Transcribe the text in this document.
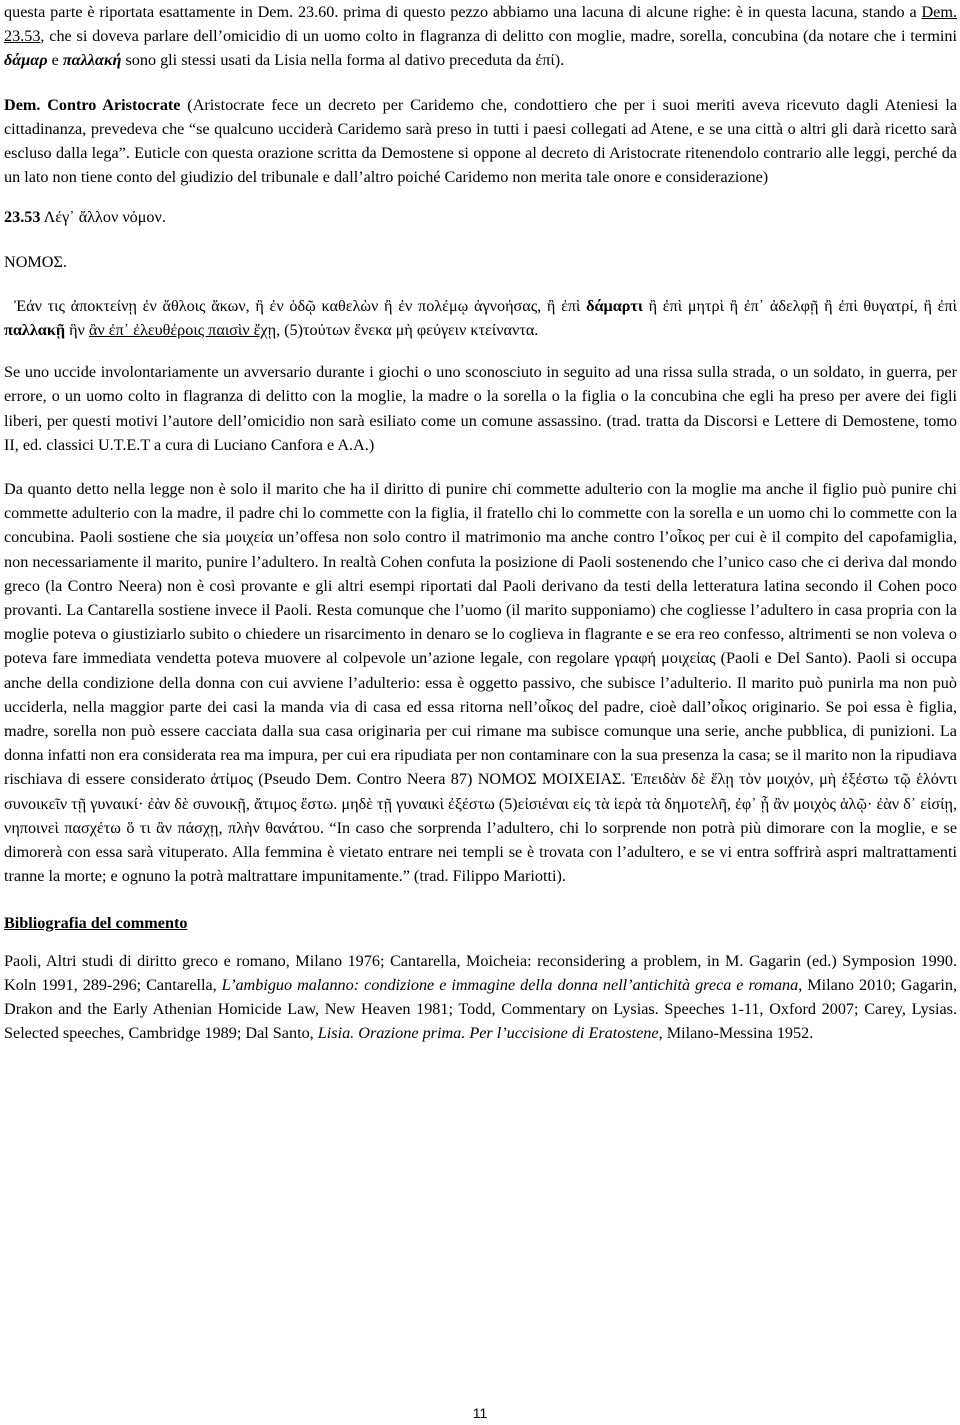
questa parte è riportata esattamente in Dem. 23.60. prima di questo pezzo abbiamo una lacuna di alcune righe: è in questa lacuna, stando a Dem. 23.53, che si doveva parlare dell’omicidio di un uomo colto in flagranza di delitto con moglie, madre, sorella, concubina (da notare che i termini δάμαρ e παλλακή sono gli stessi usati da Lisia nella forma al dativo preceduta da ἐπί).

Dem. Contro Aristocrate (Aristocrate fece un decreto per Caridemo che, condottiero che per i suoi meriti aveva ricevuto dagli Ateniesi la cittadinanza, prevedeva che “se qualcuno ucciderà Caridemo sarà preso in tutti i paesi collegati ad Atene, e se una città o altri gli darà ricetto sarà escluso dalla lega”. Euticle con questa orazione scritta da Demostene si oppone al decreto di Aristocrate ritenendolo contrario alle leggi, perché da un lato non tiene conto del giudizio del tribunale e dall’altro poiché Caridemo non merita tale onore e considerazione)

23.53 Λέγ᾽ ἄλλον νόμον.

ΝΟΜΟΣ.

Ἐάν τις ἀποκτείνῃ ἐν ἄθλοις ἄκων, ἢ ἐν ὁδῷ καθελὼν ἢ ἐν πολέμῳ ἀγνοήσας, ἢ ἐπὶ δάμαρτι ἢ ἐπὶ μητρὶ ἢ ἐπ᾽ ἀδελφῇ ἢ ἐπὶ θυγατρί, ἢ ἐπὶ παλλακῇ ἣν ἂν ἐπ᾽ ἐλευθέροις παισὶν ἔχῃ, (5)τούτων ἕνεκα μὴ φεύγειν κτείναντα.

Se uno uccide involontariamente un avversario durante i giochi o uno sconosciuto in seguito ad una rissa sulla strada, o un soldato, in guerra, per errore, o un uomo colto in flagranza di delitto con la moglie, la madre o la sorella o la figlia o la concubina che egli ha preso per avere dei figli liberi, per questi motivi l’autore dell’omicidio non sarà esiliato come un comune assassino. (trad. tratta da Discorsi e Lettere di Demostene, tomo II, ed. classici U.T.E.T a cura di Luciano Canfora e A.A.)

Da quanto detto nella legge non è solo il marito che ha il diritto di punire chi commette adulterio con la moglie ma anche il figlio può punire chi commette adulterio con la madre, il padre chi lo commette con la figlia, il fratello chi lo commette con la sorella e un uomo chi lo commette con la concubina. Paoli sostiene che sia μοιχεία un’offesa non solo contro il matrimonio ma anche contro l’οἶκος per cui è il compito del capofamiglia, non necessariamente il marito, punire l’adultero. In realtà Cohen confuta la posizione di Paoli sostenendo che l’unico caso che ci deriva dal mondo greco (la Contro Neera) non è così provante e gli altri esempi riportati dal Paoli derivano da testi della letteratura latina secondo il Cohen poco provanti. La Cantarella sostiene invece il Paoli. Resta comunque che l’uomo (il marito supponiamo) che cogliesse l’adultero in casa propria con la moglie poteva o giustiziarlo subito o chiedere un risarcimento in denaro se lo coglieva in flagrante e se era reo confesso, altrimenti se non voleva o poteva fare immediata vendetta poteva muovere al colpevole un’azione legale, con regolare γραφή μοιχείας (Paoli e Del Santo). Paoli si occupa anche della condizione della donna con cui avviene l’adulterio: essa è oggetto passivo, che subisce l’adulterio. Il marito può punirla ma non può ucciderla, nella maggior parte dei casi la manda via di casa ed essa ritorna nell’οἶκος del padre, cioè dall’οἶκος originario. Se poi essa è figlia, madre, sorella non può essere cacciata dalla sua casa originaria per cui rimane ma subisce comunque una serie, anche pubblica, di punizioni. La donna infatti non era considerata rea ma impura, per cui era ripudiata per non contaminare con la sua presenza la casa; se il marito non la ripudiava rischiava di essere considerato ἀτίμος (Pseudo Dem. Contro Neera 87) ΝΟΜΟΣ ΜΟΙΧΕΙΑΣ. Ἐπειδὰν δὲ ἕλῃ τὸν μοιχόν, μὴ ἐξέστω τῷ ἑλόντι συνοικεῖν τῇ γυναικί· ἐὰν δὲ συνοικῇ, ἄτιμος ἔστω. μηδὲ τῇ γυναικὶ ἐξέστω (5)εἰσιέναι εἰς τὰ ἱερὰ τὰ δημοτελῆ, ἐφ᾽ ᾗ ἂν μοιχὸς ἁλῷ· ἐὰν δ᾽ εἰσίῃ, νηποινεὶ πασχέτω ὅ τι ἂν πάσχῃ, πλὴν θανάτου. “In caso che sorprenda l’adultero, chi lo sorprende non potrà più dimorare con la moglie, e se dimorerà con essa sarà vituperato. Alla femmina è vietato entrare nei templi se è trovata con l’adultero, e se vi entra soffrirà aspri maltrattamenti tranne la morte; e ognuno la potrà maltrattare impunitamente.” (trad. Filippo Mariotti).

Bibliografia del commento

Paoli, Altri studi di diritto greco e romano, Milano 1976; Cantarella, Moicheia: reconsidering a problem, in M. Gagarin (ed.) Symposion 1990. Koln 1991, 289-296; Cantarella, L’ambiguo malanno: condizione e immagine della donna nell’antichità greca e romana, Milano 2010; Gagarin, Drakon and the Early Athenian Homicide Law, New Heaven 1981; Todd, Commentary on Lysias. Speeches 1-11, Oxford 2007; Carey, Lysias. Selected speeches, Cambridge 1989; Dal Santo, Lisia. Orazione prima. Per l’uccisione di Eratostene, Milano-Messina 1952.

11
